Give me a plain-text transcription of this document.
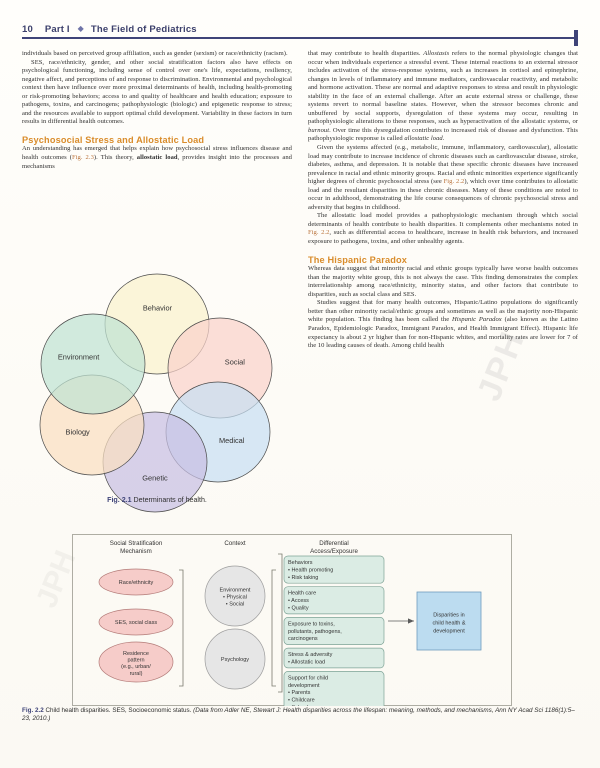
10 Part I ◆ The Field of Pediatrics

individuals based on perceived group affiliation, such as gender (sexism) or race/ethnicity (racism).

SES, race/ethnicity, gender, and other social stratification factors also have effects on psychological functioning, including sense of control over one's life, expectations, resiliency, negative affect, and perceptions of and response to discrimination. Environmental and psychological context then have influence over more proximal determinants of health, including health-promoting or risk-promoting behaviors; access to and quality of healthcare and health education; exposure to pathogens, toxins, and carcinogens; pathophysiologic (biologic) and epigenetic response to stress; and the resources available to support optimal child development. Variability in these factors in turn results in differential health outcomes.

Psychosocial Stress and Allostatic Load

An understanding has emerged that helps explain how psychosocial stress influences disease and health outcomes (Fig. 2.3). This theory, allostatic load, provides insight into the processes and mechanisms

that may contribute to health disparities. Allostasis refers to the normal physiologic changes that occur when individuals experience a stressful event. These internal reactions to an external stressor includes activation of the stress-response systems, such as increases in cortisol and epinephrine, changes in levels of inflammatory and immune mediators, cardiovascular reactivity, and metabolic and hormone activation. These are normal and adaptive responses to stress and result in physiologic stability in the face of an external challenge. After an acute external stress or challenge, these systems revert to normal baseline states. However, when the stressor becomes chronic and unbuffered by social supports, dysregulation of these systems may occur, resulting in pathophysiologic alterations to these responses, such as hyperactivation of the allostatic systems, or burnout. Over time this dysregulation contributes to increased risk of disease and dysfunction. This pathophysiologic response is called allostatic load.

Given the systems affected (e.g., metabolic, immune, inflammatory, cardiovascular), allostatic load may contribute to increase incidence of chronic diseases such as cardiovascular disease, stroke, diabetes, asthma, and depression. It is notable that these specific chronic diseases have increased prevalence in racial and ethnic minority groups. Racial and ethnic minorities experience significantly higher degrees of chronic psychosocial stress (see Fig. 2.2), which over time contributes to allostatic load and the resultant disparities in these chronic diseases. Many of these conditions are noted to occur in adulthood, demonstrating the life course consequences of chronic psychosocial stress and adversity that begins in childhood.

The allostatic load model provides a pathophysiologic mechanism through which social determinants of health contribute to health disparities. It complements other mechanisms noted in Fig. 2.2, such as differential access to healthcare, increase in health risk behaviors, and increased exposure to pathogens, toxins, and other unhealthy agents.

The Hispanic Paradox

Whereas data suggest that minority racial and ethnic groups typically have worse health outcomes than the majority white group, this is not always the case. This finding demonstrates the complex interrelationship among race/ethnicity, minority status, and other factors that contribute to disparities, such as social class and SES.

Studies suggest that for many health outcomes, Hispanic/Latino populations do significantly better than other minority racial/ethnic groups and sometimes as well as the majority non-Hispanic white population. This finding has been called the Hispanic Paradox (also known as the Latino Paradox, Epidemiologic Paradox, Immigrant Paradox, and Health Immigrant Effect). Hispanic life expectancy is about 2 yr higher than for non-Hispanic whites, and mortality rates are lower for 7 of the 10 leading causes of death. Among child health

Behavior
Social
Medical
Genetic
Biology
Environment
Fig. 2.1 Determinants of health.
Social Stratification
Mechanism
Context	Differential
Access/Exposure
Race/ethnicity
SES, social class
Residence
pattern
(e.g., urban/
rural)
Environment
• Physical
• Social
Psychology
Behaviors
• Health promoting
• Risk taking
Health care
• Access
• Quality
Exposure to toxins,
pollutants, pathogens,
carcinogens
Stress & adversity
• Allostatic load
Support for child
development
• Parents
• Childcare
Disparities in
child health &
development
Fig. 2.2 Child health disparities. SES, Socioeconomic status. (Data from Adler NE, Stewart J: Health disparities across the lifespan: meaning, methods, and mechanisms, Ann NY Acad Sci 1186(1):5–23, 2010.)
JPH
JPH
